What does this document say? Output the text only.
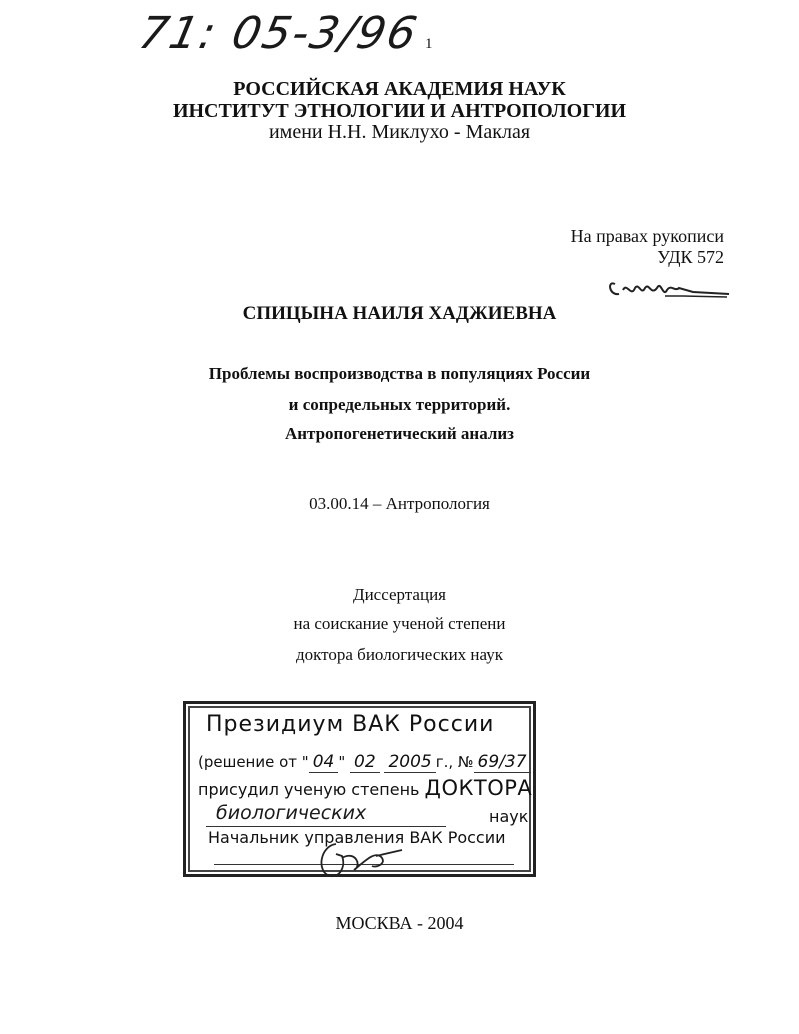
71: 05-3/96 1
РОССИЙСКАЯ АКАДЕМИЯ НАУК
ИНСТИТУТ ЭТНОЛОГИИ И АНТРОПОЛОГИИ
имени Н.Н. Миклухо - Маклая
На правах рукописи
УДК 572
СПИЦЫНА НАИЛЯ ХАДЖИЕВНА
Проблемы воспроизводства в популяциях России
и сопредельных территорий.
Антропогенетический анализ
03.00.14 – Антропология
Диссертация
на соискание ученой степени
доктора биологических наук
Президиум ВАК России
(решение от " 04 " 02 2005 г., № 69/37
присудил ученую степень ДОКТОРА
биологических	наук
Начальник управления ВАК России
МОСКВА - 2004
